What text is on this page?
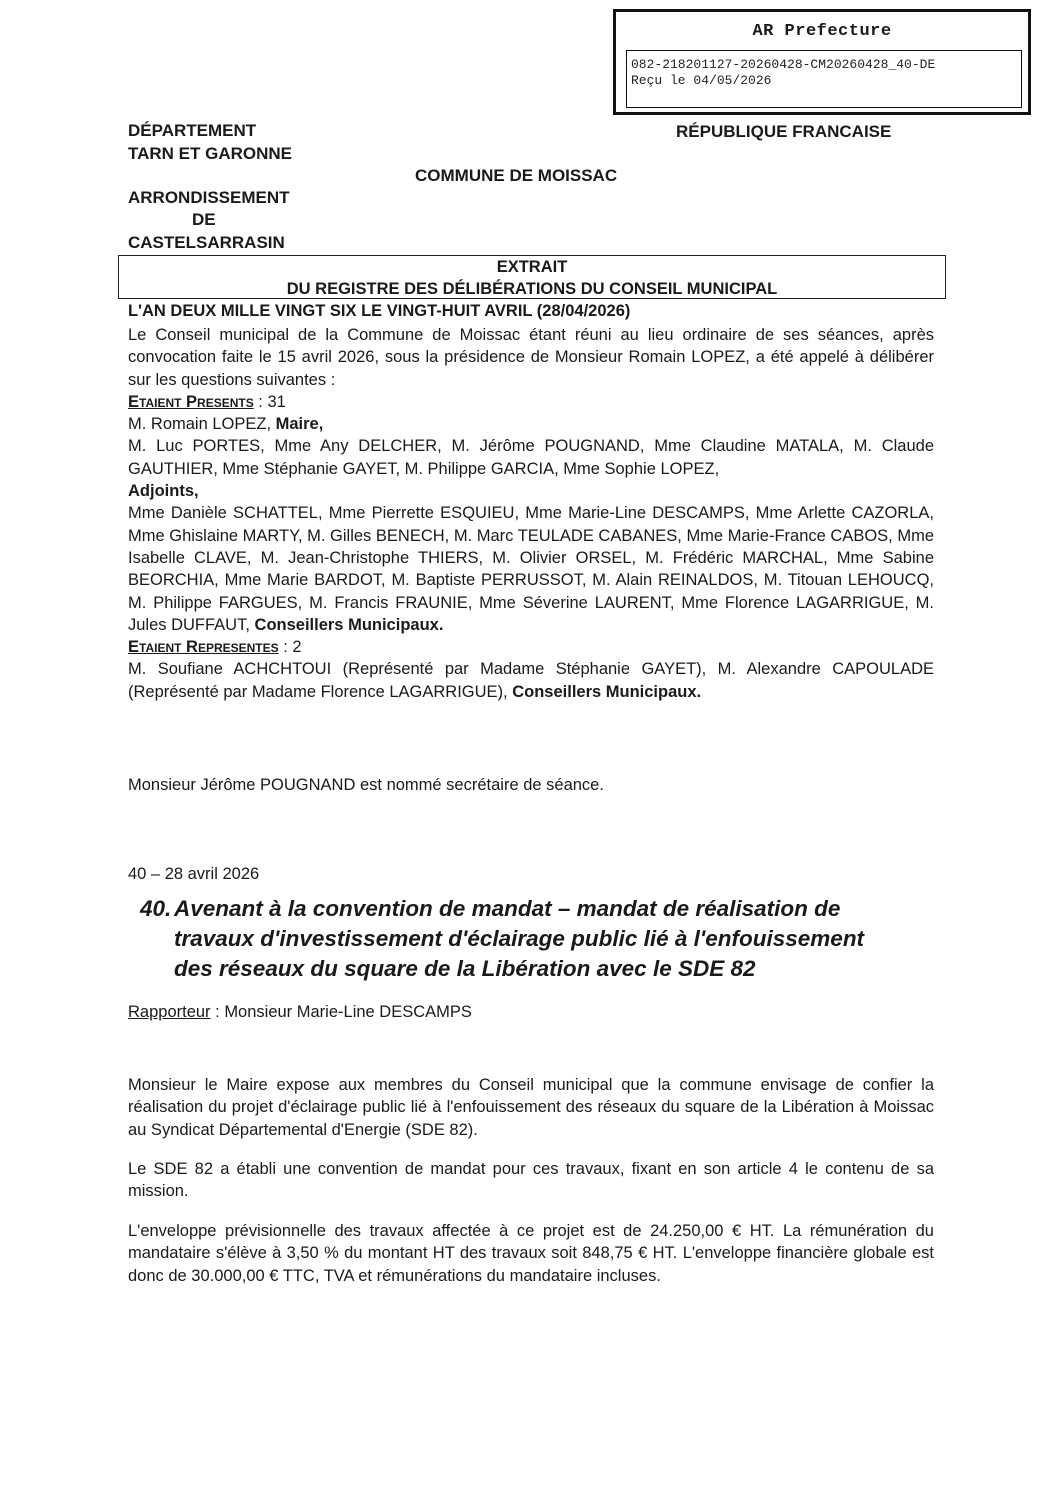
AR Prefecture
082-218201127-20260428-CM20260428_40-DE
Reçu le 04/05/2026
DÉPARTEMENT
TARN ET GARONNE
RÉPUBLIQUE FRANCAISE
COMMUNE DE MOISSAC
ARRONDISSEMENT
DE
CASTELSARRASIN
EXTRAIT
DU REGISTRE DES DÉLIBÉRATIONS DU CONSEIL MUNICIPAL
L'AN DEUX MILLE VINGT SIX LE VINGT-HUIT AVRIL (28/04/2026)

Le Conseil municipal de la Commune de Moissac étant réuni au lieu ordinaire de ses séances, après convocation faite le 15 avril 2026, sous la présidence de Monsieur Romain LOPEZ, a été appelé à délibérer sur les questions suivantes :

Etaient Presents : 31

M. Romain LOPEZ, Maire,

M. Luc PORTES, Mme Any DELCHER, M. Jérôme POUGNAND, Mme Claudine MATALA, M. Claude GAUTHIER, Mme Stéphanie GAYET, M. Philippe GARCIA, Mme Sophie LOPEZ,

Adjoints,

Mme Danièle SCHATTEL, Mme Pierrette ESQUIEU, Mme Marie-Line DESCAMPS, Mme Arlette CAZORLA, Mme Ghislaine MARTY, M. Gilles BENECH, M. Marc TEULADE CABANES, Mme Marie-France CABOS, Mme Isabelle CLAVE, M. Jean-Christophe THIERS, M. Olivier ORSEL, M. Frédéric MARCHAL, Mme Sabine BEORCHIA, Mme Marie BARDOT, M. Baptiste PERRUSSOT, M. Alain REINALDOS, M. Titouan LEHOUCQ, M. Philippe FARGUES, M. Francis FRAUNIE, Mme Séverine LAURENT, Mme Florence LAGARRIGUE, M. Jules DUFFAUT, Conseillers Municipaux.

Etaient Representes : 2

M. Soufiane ACHCHTOUI (Représenté par Madame Stéphanie GAYET), M. Alexandre CAPOULADE (Représenté par Madame Florence LAGARRIGUE), Conseillers Municipaux.

Monsieur Jérôme POUGNAND est nommé secrétaire de séance.
40 – 28 avril 2026
40. Avenant à la convention de mandat – mandat de réalisation de
travaux d'investissement d'éclairage public lié à l'enfouissement
des réseaux du square de la Libération avec le SDE 82
Rapporteur : Monsieur Marie-Line DESCAMPS
Monsieur le Maire expose aux membres du Conseil municipal que la commune envisage de confier la réalisation du projet d'éclairage public lié à l'enfouissement des réseaux du square de la Libération à Moissac au Syndicat Départemental d'Energie (SDE 82).
Le SDE 82 a établi une convention de mandat pour ces travaux, fixant en son article 4 le contenu de sa mission.
L'enveloppe prévisionnelle des travaux affectée à ce projet est de 24.250,00 € HT. La rémunération du mandataire s'élève à 3,50 % du montant HT des travaux soit 848,75 € HT. L'enveloppe financière globale est donc de 30.000,00 € TTC, TVA et rémunérations du mandataire incluses.
